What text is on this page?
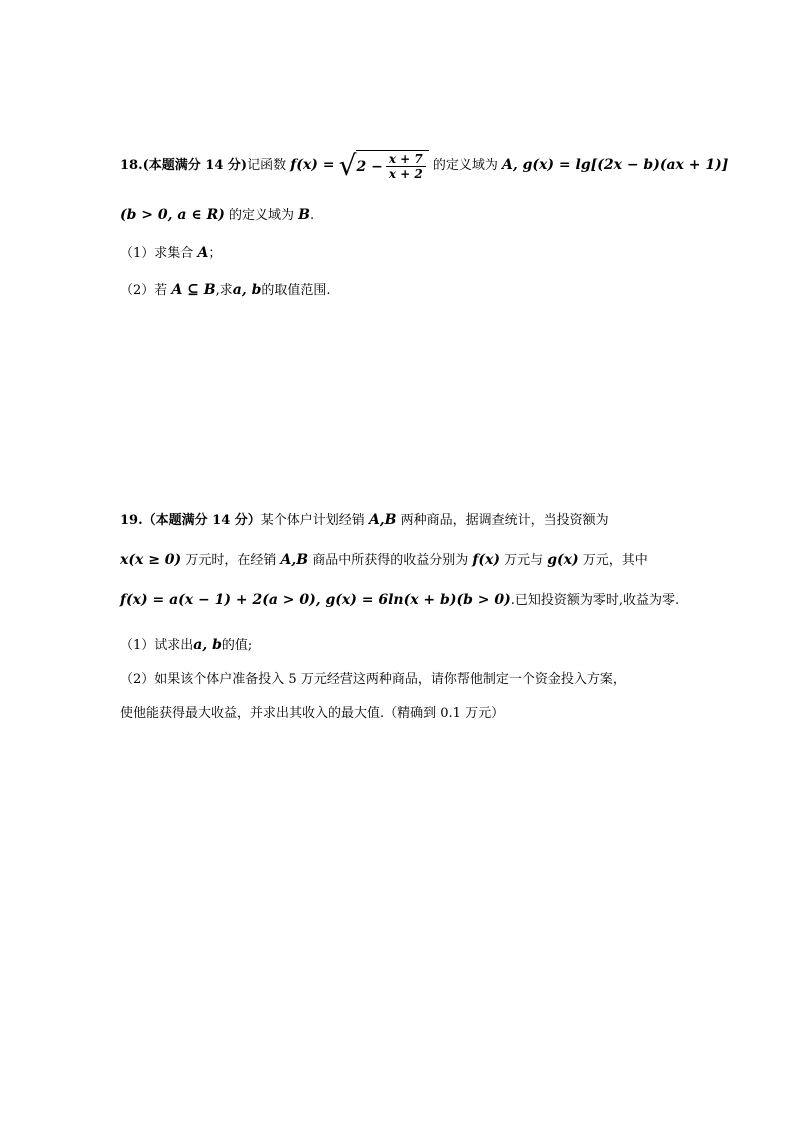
18.(本题满分 14 分)记函数 f(x) = √ $2 - \frac{x + 7}{x + 2}$ 的定义域为 A, g(x) = lg[(2x − b)(ax + 1)]
(b > 0, a ∈ R) 的定义域为 B.
（1）求集合 A；
（2）若 A ⊆ B,求a, b的取值范围.
19.（本题满分 14 分）某个体户计划经销 A,B 两种商品，据调查统计，当投资额为
x(x ≥ 0) 万元时，在经销 A,B 商品中所获得的收益分别为 f(x) 万元与 g(x) 万元，其中
f(x) = a(x − 1) + 2(a > 0), g(x) = 6ln(x + b)(b > 0).已知投资额为零时,收益为零.
（1）试求出a, b的值;
（2）如果该个体户准备投入 5 万元经营这两种商品，请你帮他制定一个资金投入方案，
使他能获得最大收益，并求出其收入的最大值.（精确到 0.1 万元）
